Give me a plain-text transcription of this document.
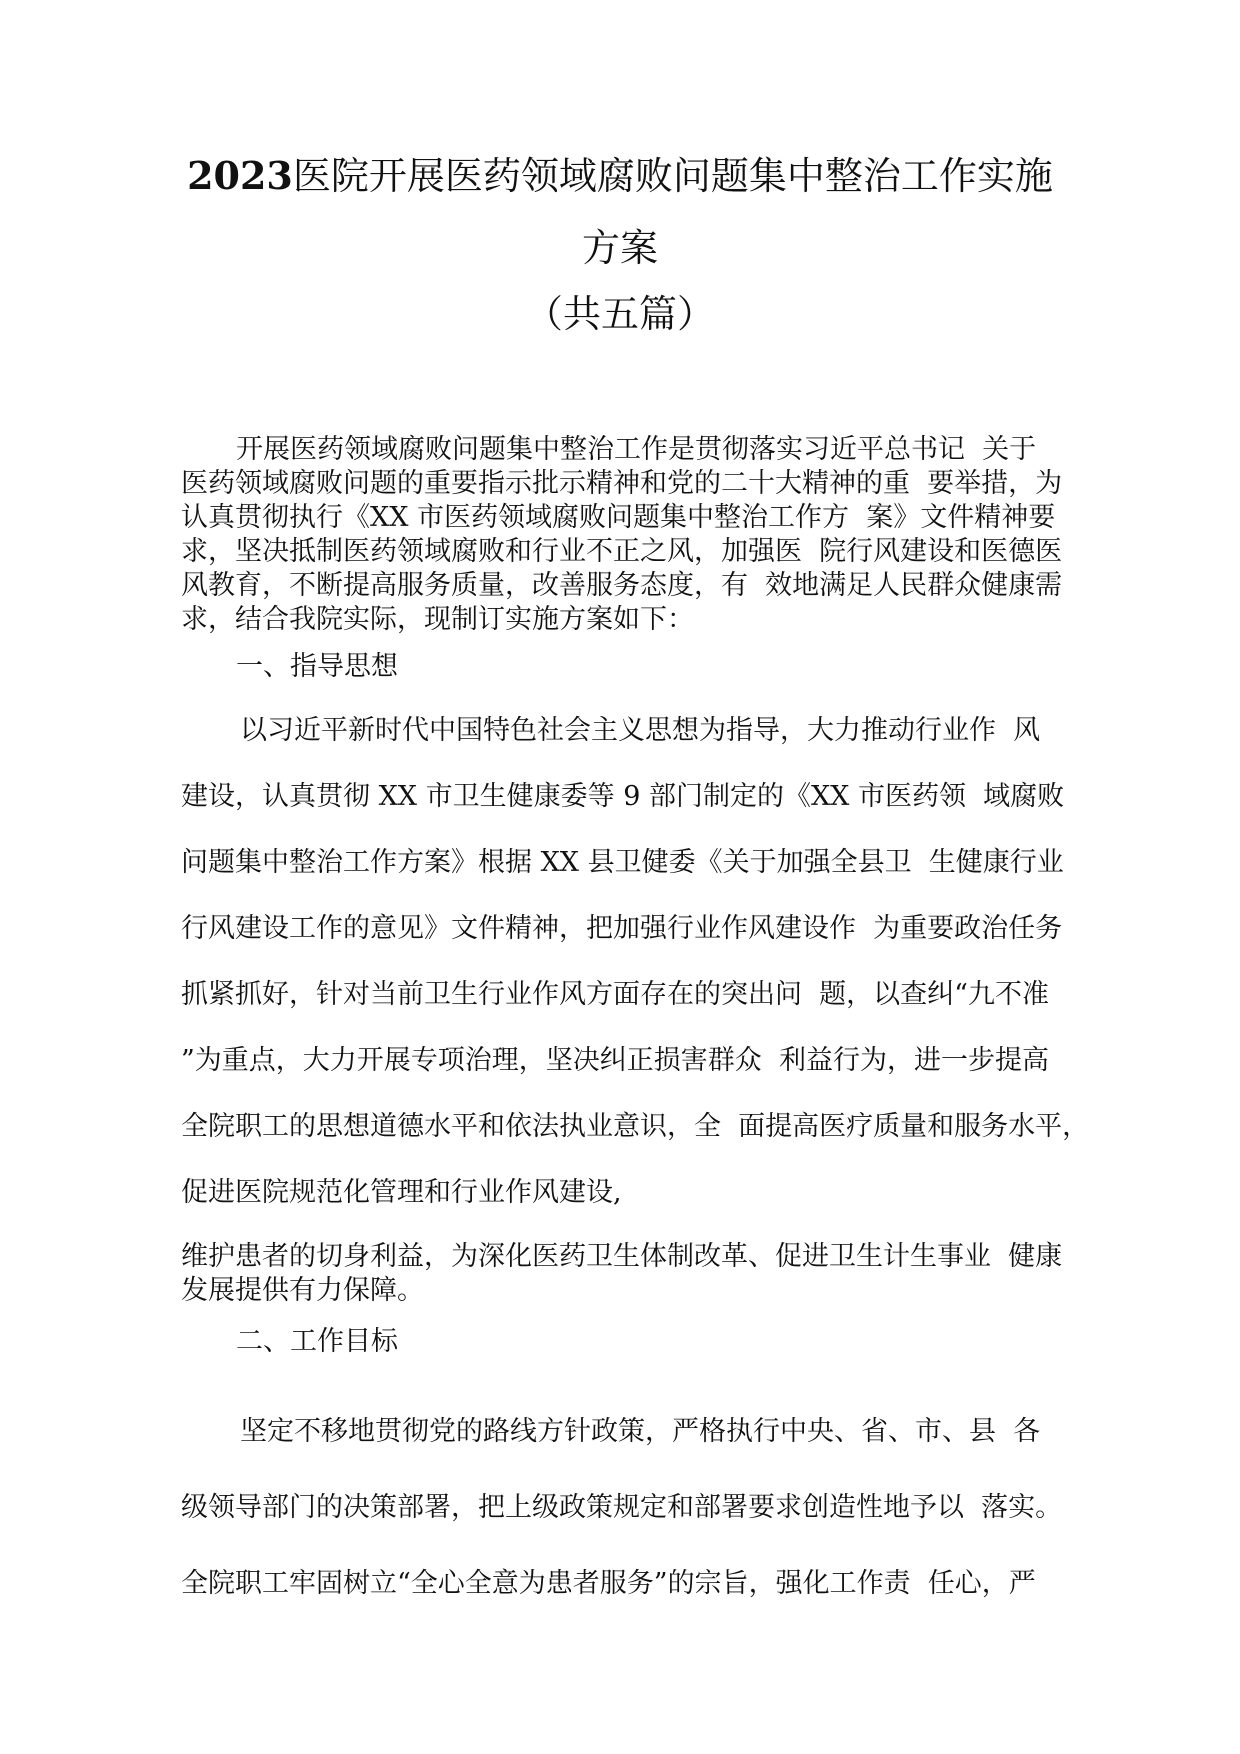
2023医院开展医药领域腐败问题集中整治工作实施
方案
（共五篇）

开展医药领域腐败问题集中整治工作是贯彻落实习近平总书记  关于

医药领域腐败问题的重要指示批示精神和党的二十大精神的重  要举措，为

认真贯彻执行《XX 市医药领域腐败问题集中整治工作方  案》文件精神要

求，坚决抵制医药领域腐败和行业不正之风，加强医  院行风建设和医德医

风教育，不断提高服务质量，改善服务态度，有  效地满足人民群众健康需

求，结合我院实际，现制订实施方案如下：

一、指导思想

以习近平新时代中国特色社会主义思想为指导，大力推动行业作  风

建设，认真贯彻 XX 市卫生健康委等 9 部门制定的《XX 市医药领  域腐败

问题集中整治工作方案》根据 XX 县卫健委《关于加强全县卫  生健康行业

行风建设工作的意见》文件精神，把加强行业作风建设作  为重要政治任务

抓紧抓好，针对当前卫生行业作风方面存在的突出问  题，以查纠“九不准

”为重点，大力开展专项治理，坚决纠正损害群众  利益行为，进一步提高

全院职工的思想道德水平和依法执业意识，全  面提高医疗质量和服务水平，

促进医院规范化管理和行业作风建设,

维护患者的切身利益，为深化医药卫生体制改革、促进卫生计生事业  健康

发展提供有力保障。

二、工作目标

坚定不移地贯彻党的路线方针政策，严格执行中央、省、市、县  各

级领导部门的决策部署，把上级政策规定和部署要求创造性地予以  落实。

全院职工牢固树立“全心全意为患者服务”的宗旨，强化工作责  任心，严
